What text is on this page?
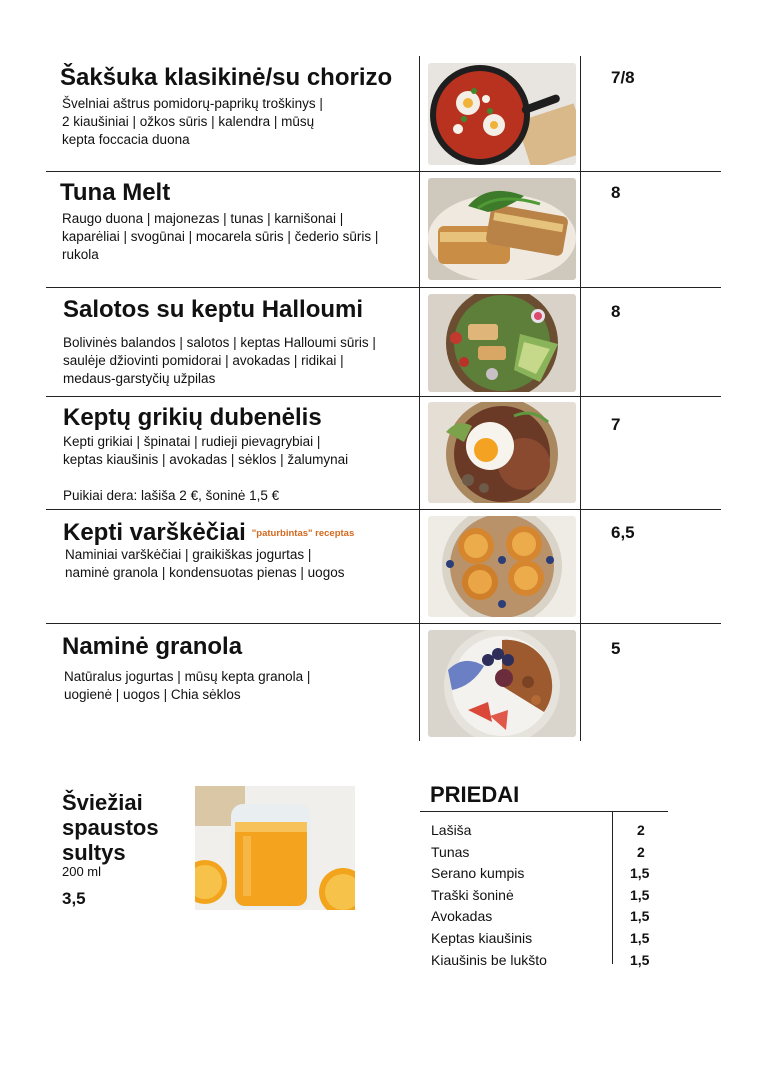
Šakšuka klasikinė/su chorizo
Švelniai aštrus pomidorų-paprikų troškinys |
2 kiaušiniai | ožkos sūris | kalendra | mūsų
kepta foccacia duona
7/8
Tuna Melt
Raugo duona | majonezas | tunas | karnišonai |
kaparėliai | svogūnai | mocarela sūris | čederio sūris |
rukola
8
Salotos su keptu Halloumi
Bolivinės balandos | salotos | keptas Halloumi sūris |
saulėje džiovinti pomidorai | avokadas | ridikai |
medaus-garstyčių užpilas
8
Keptų grikių dubenėlis
Kepti grikiai | špinatai | rudieji pievagrybiai |
keptas kiaušinis | avokadas | sėklos | žalumynai
Puikiai dera: lašiša 2 €, šoninė 1,5 €
7
Kepti varškėčiai "paturbintas" receptas
Naminiai varškėčiai | graikiškas jogurtas |
naminė granola | kondensuotas pienas | uogos
6,5
Naminė granola
Natūralus jogurtas | mūsų kepta granola |
uogienė | uogos | Chia sėklos
5
Šviežiai
spaustos
sultys
200 ml
3,5
PRIEDAI
Lašiša	2
Tunas	2
Serano kumpis	1,5
Traški šoninė	1,5
Avokadas	1,5
Keptas kiaušinis	1,5
Kiaušinis be lukšto	1,5
